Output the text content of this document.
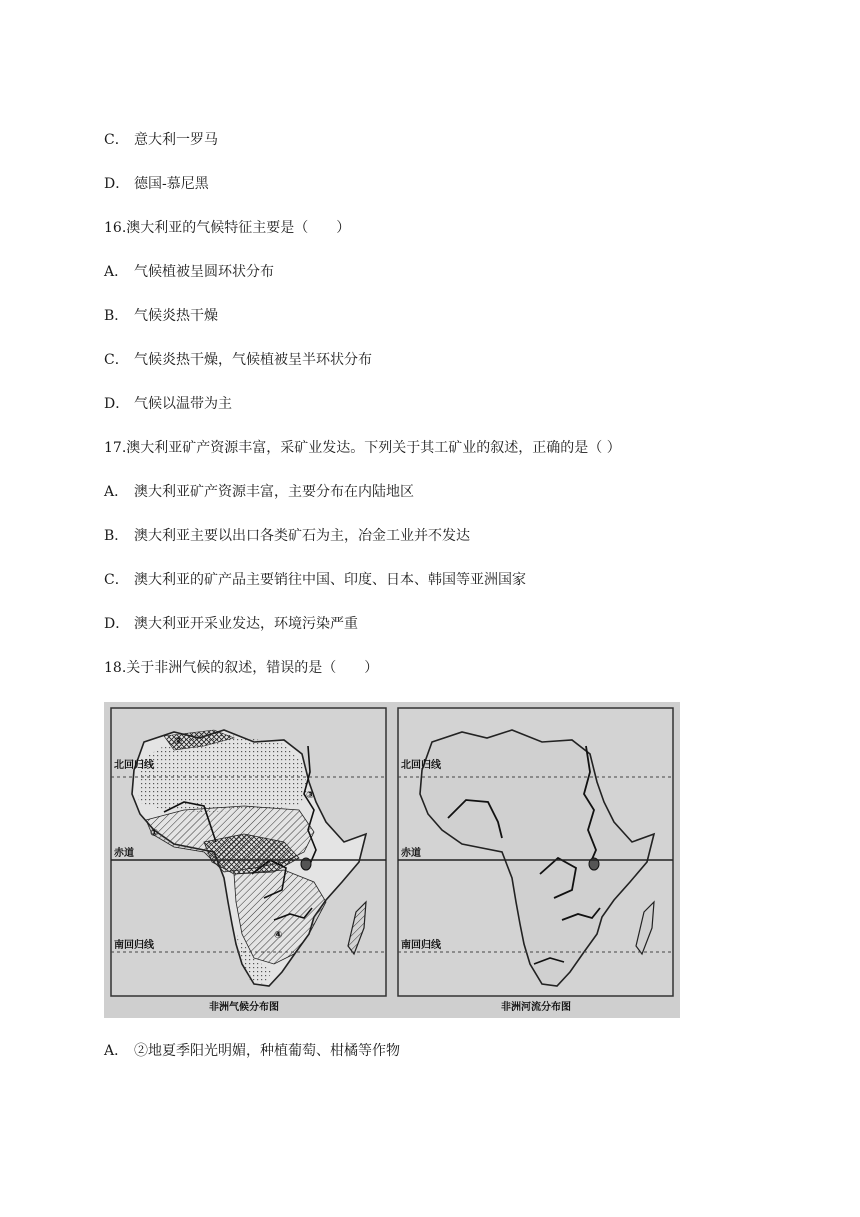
C． 意大利一罗马
D． 德国-慕尼黑
16.澳大利亚的气候特征主要是（　　）
A． 气候植被呈圆环状分布
B． 气候炎热干燥
C． 气候炎热干燥，气候植被呈半环状分布
D． 气候以温带为主
17.澳大利亚矿产资源丰富，采矿业发达。下列关于其工矿业的叙述，正确的是（ ）
A． 澳大利亚矿产资源丰富，主要分布在内陆地区
B． 澳大利亚主要以出口各类矿石为主，冶金工业并不发达
C． 澳大利亚的矿产品主要销往中国、印度、日本、韩国等亚洲国家
D． 澳大利亚开采业发达，环境污染严重
18.关于非洲气候的叙述，错误的是（　　）
北回归线
赤道
南回归线
②
③
①
④
非洲气候分布图
北回归线
赤道
南回归线
非洲河流分布图
A． ②地夏季阳光明媚，种植葡萄、柑橘等作物
